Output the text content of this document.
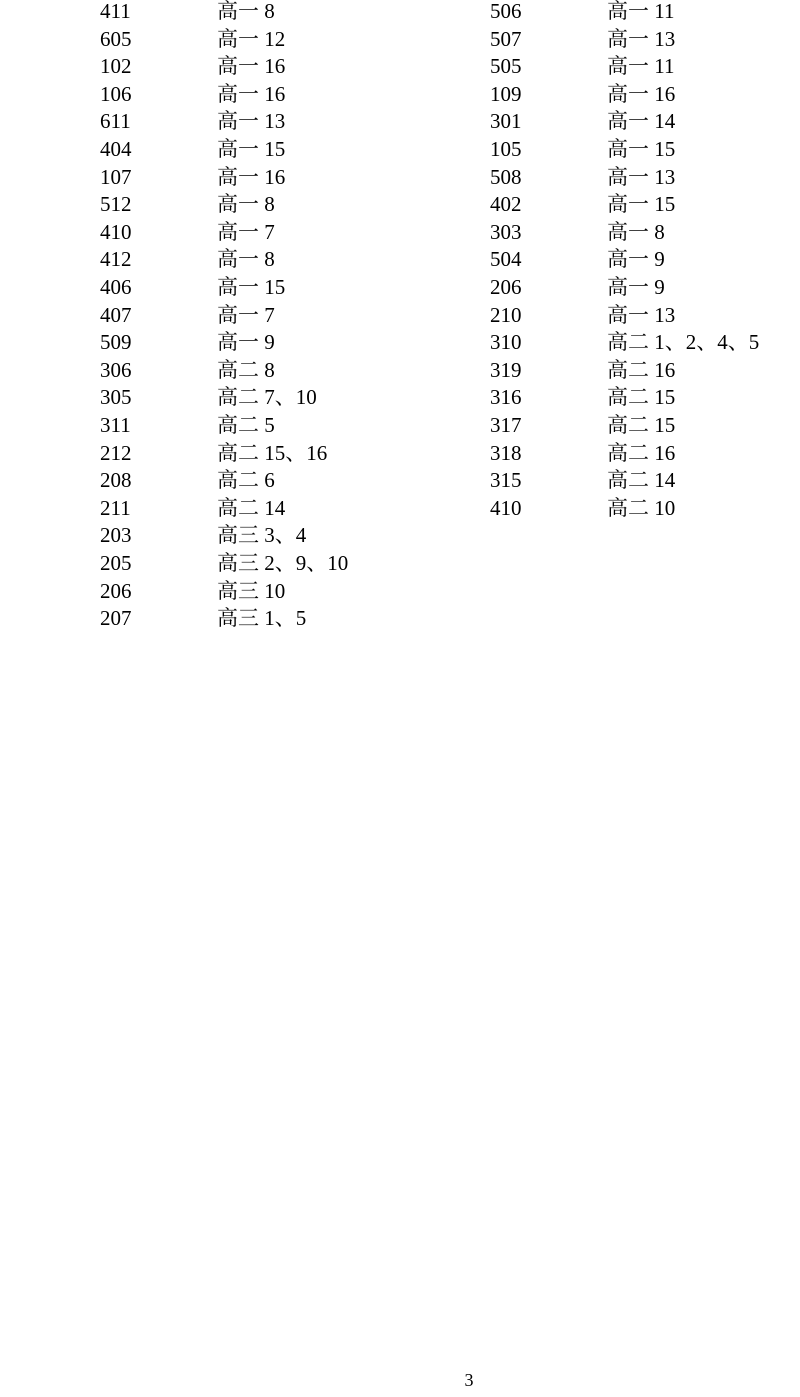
411	高一 8
605	高一 12
102	高一 16
106	高一 16
611	高一 13
404	高一 15
107	高一 16
512	高一 8
410	高一 7
412	高一 8
406	高一 15
407	高一 7
509	高一 9
306	高二 8
305	高二 7、10
311	高二 5
212	高二 15、16
208	高二 6
211	高二 14
203	高三 3、4
205	高三 2、9、10
206	高三 10
207	高三 1、5
506	高一 11
507	高一 13
505	高一 11
109	高一 16
301	高一 14
105	高一 15
508	高一 13
402	高一 15
303	高一 8
504	高一 9
206	高一 9
210	高一 13
310	高二 1、2、4、5
319	高二 16
316	高二 15
317	高二 15
318	高二 16
315	高二 14
410	高二 10
3
